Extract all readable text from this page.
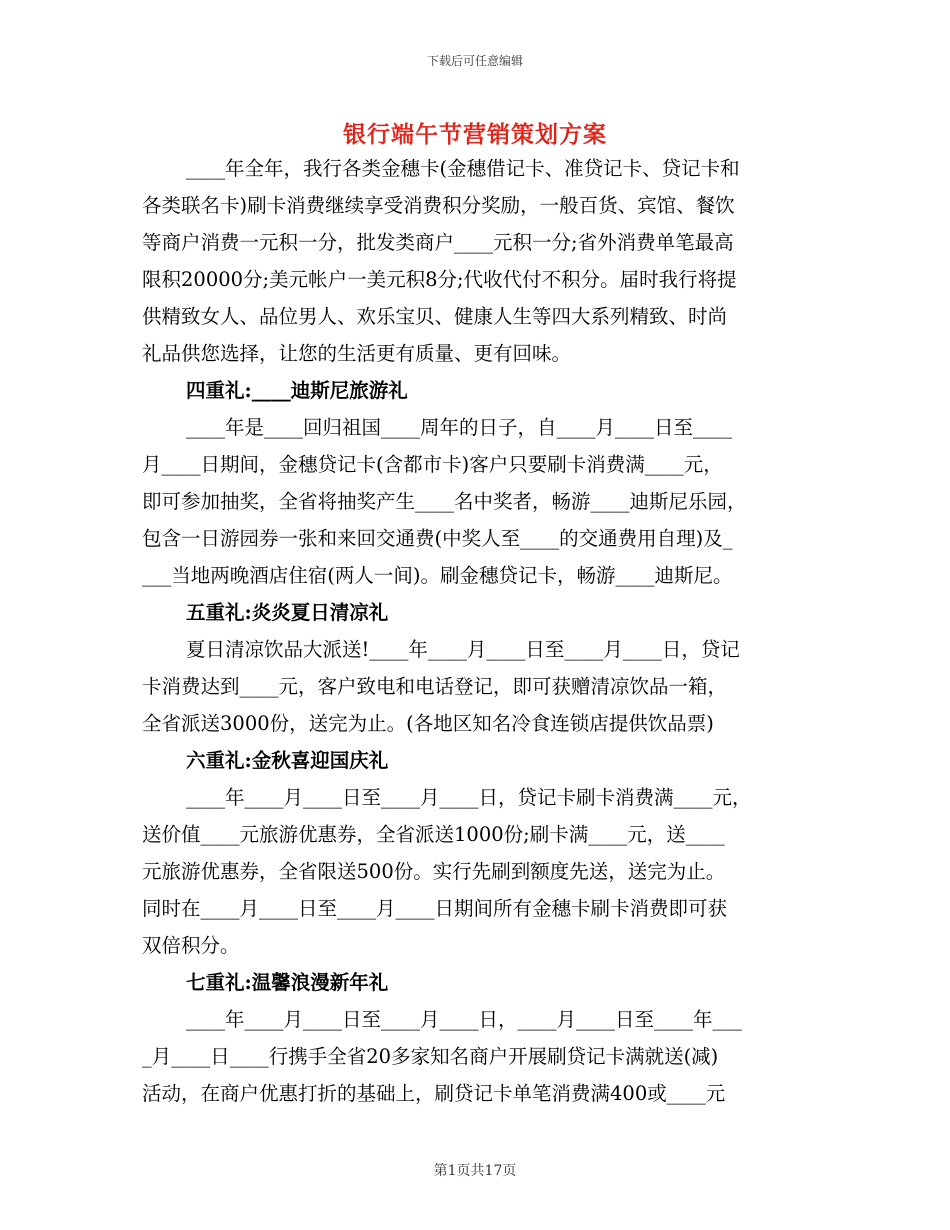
下载后可任意编辑
银行端午节营销策划方案
____年全年，我行各类金穗卡(金穗借记卡、准贷记卡、贷记卡和
各类联名卡)刷卡消费继续享受消费积分奖励，一般百货、宾馆、餐饮
等商户消费一元积一分，批发类商户____元积一分;省外消费单笔最高
限积20000分;美元帐户一美元积8分;代收代付不积分。届时我行将提
供精致女人、品位男人、欢乐宝贝、健康人生等四大系列精致、时尚
礼品供您选择，让您的生活更有质量、更有回味。
四重礼:____迪斯尼旅游礼
____年是____回归祖国____周年的日子，自____月____日至____
月____日期间，金穗贷记卡(含都市卡)客户只要刷卡消费满____元，
即可参加抽奖，全省将抽奖产生____名中奖者，畅游____迪斯尼乐园，
包含一日游园券一张和来回交通费(中奖人至____的交通费用自理)及_
___当地两晚酒店住宿(两人一间)。刷金穗贷记卡，畅游____迪斯尼。
五重礼:炎炎夏日清凉礼
夏日清凉饮品大派送!____年____月____日至____月____日，贷记
卡消费达到____元，客户致电和电话登记，即可获赠清凉饮品一箱，
全省派送3000份，送完为止。(各地区知名冷食连锁店提供饮品票)
六重礼:金秋喜迎国庆礼
____年____月____日至____月____日，贷记卡刷卡消费满____元，
送价值____元旅游优惠券，全省派送1000份;刷卡满____元，送____
元旅游优惠券，全省限送500份。实行先刷到额度先送，送完为止。
同时在____月____日至____月____日期间所有金穗卡刷卡消费即可获
双倍积分。
七重礼:温馨浪漫新年礼
____年____月____日至____月____日，____月____日至____年___
_月____日____行携手全省20多家知名商户开展刷贷记卡满就送(减)
活动，在商户优惠打折的基础上，刷贷记卡单笔消费满400或____元
第1页共17页
